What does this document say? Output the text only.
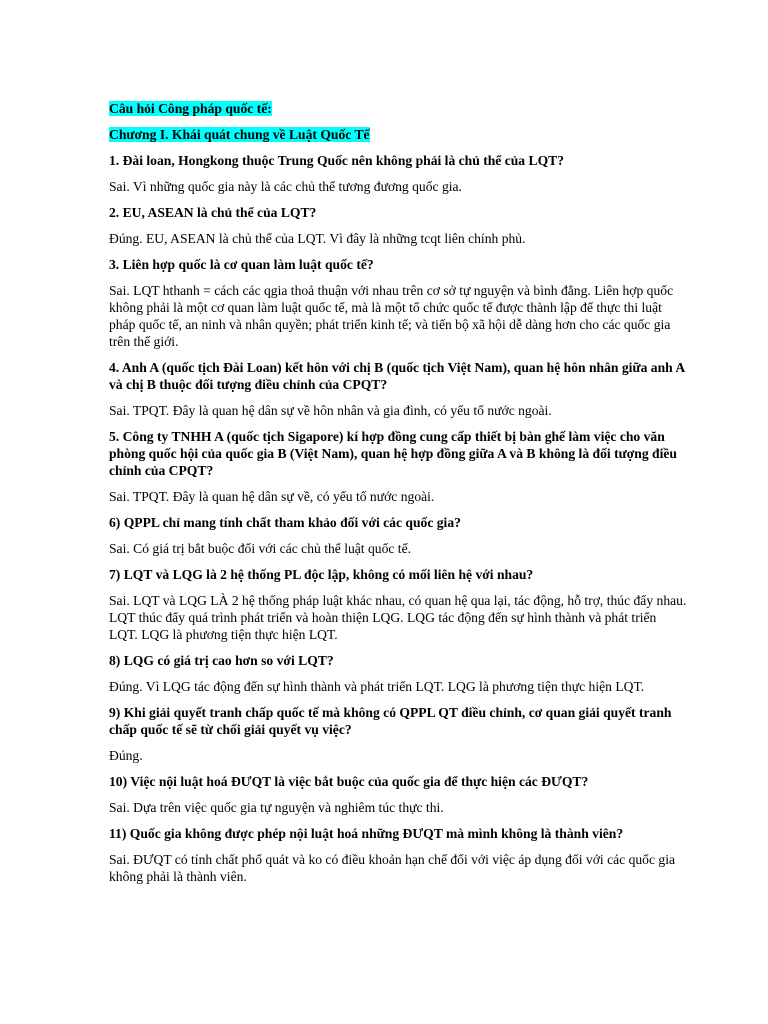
Câu hỏi Công pháp quốc tế:

Chương I. Khái quát chung về Luật Quốc Tế

1. Đài loan, Hongkong thuộc Trung Quốc nên không phải là chủ thể của LQT?

Sai. Vì những quốc gia này là các chủ thể tương đương quốc gia.

2. EU, ASEAN là chủ thể của LQT?

Đúng. EU, ASEAN là chủ thể của LQT. Vì đây là những tcqt liên chính phủ.

3. Liên hợp quốc là cơ quan làm luật quốc tế?

Sai. LQT hthanh = cách các qgia thoả thuận với nhau trên cơ sở tự nguyện và bình đẳng. Liên hợp quốc không phải là một cơ quan làm luật quốc tế, mà là một tổ chức quốc tế được thành lập để thực thi luật pháp quốc tế, an ninh và nhân quyền; phát triển kinh tế; và tiến bộ xã hội dễ dàng hơn cho các quốc gia trên thế giới.

4. Anh A (quốc tịch Đài Loan) kết hôn với chị B (quốc tịch Việt Nam), quan hệ hôn nhân giữa anh A và chị B thuộc đối tượng điều chỉnh của CPQT?

Sai. TPQT. Đây là quan hệ dân sự về hôn nhân và gia đình, có yếu tố nước ngoài.

5. Công ty TNHH A (quốc tịch Sigapore) kí hợp đồng cung cấp thiết bị bàn ghế làm việc cho văn phòng quốc hội của quốc gia B (Việt Nam), quan hệ hợp đồng giữa A và B không là đối tượng điều chỉnh của CPQT?

Sai. TPQT. Đây là quan hệ dân sự về, có yếu tố nước ngoài.

6) QPPL chỉ mang tính chất tham khảo đối với các quốc gia?

Sai. Có giá trị bắt buộc đối với các chủ thể luật quốc tế.

7) LQT và LQG là 2 hệ thống PL độc lập, không có mối liên hệ với nhau?

Sai. LQT và LQG LÀ 2 hệ thống pháp luật khác nhau, có quan hệ qua lại, tác động, hỗ trợ, thúc đẩy nhau. LQT thúc đẩy quá trình phát triển và hoàn thiện LQG. LQG tác động đến sự hình thành và phát triển LQT. LQG là phương tiện thực hiện LQT.

8) LQG có giá trị cao hơn so với LQT?

Đúng. Vì LQG tác động đến sự hình thành và phát triển LQT. LQG là phương tiện thực hiện LQT.

9) Khi giải quyết tranh chấp quốc tế mà không có QPPL QT điều chỉnh, cơ quan giải quyết tranh chấp quốc tế sẽ từ chối giải quyết vụ việc?

Đúng.

10) Việc nội luật hoá ĐƯQT là việc bắt buộc của quốc gia để thực hiện các ĐƯQT?

Sai. Dựa trên việc quốc gia tự nguyện và nghiêm túc thực thi.

11) Quốc gia không được phép nội luật hoá những ĐƯQT mà mình không là thành viên?

Sai. ĐƯQT có tính chất phổ quát và ko có điều khoản hạn chế đối với việc áp dụng đối với các quốc gia không phải là thành viên.
